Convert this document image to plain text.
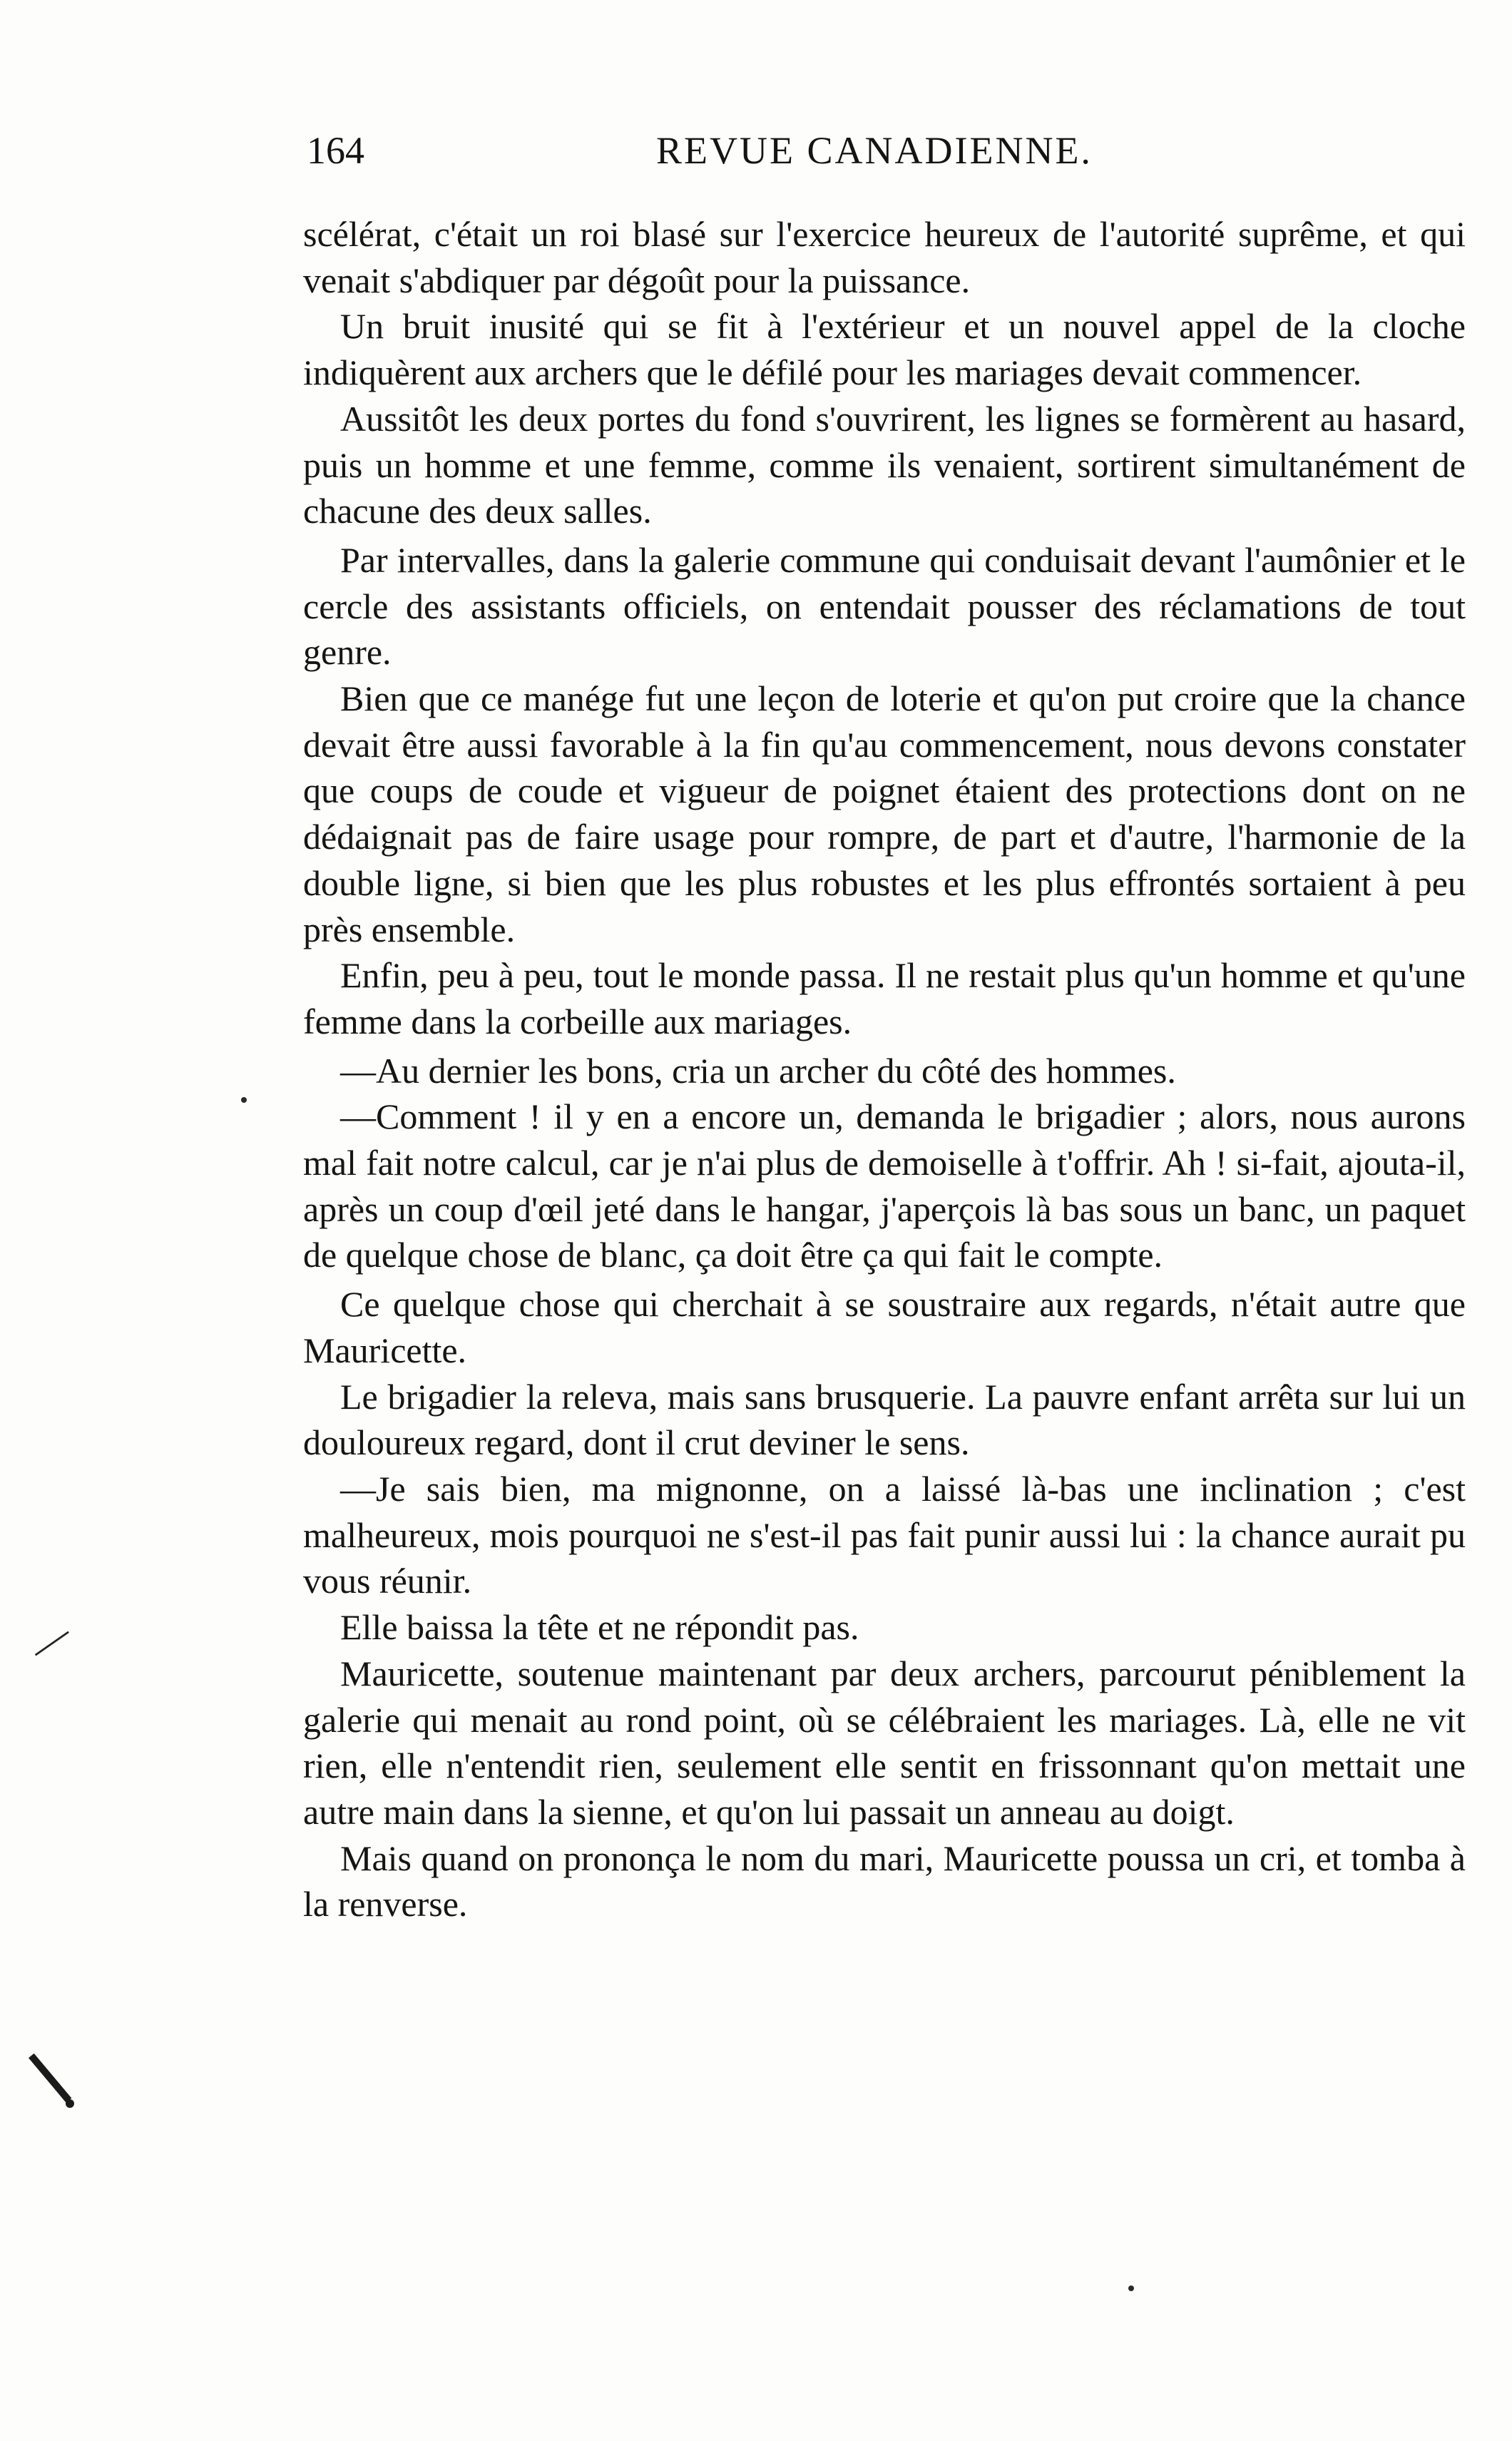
164	REVUE CANADIENNE.

scélérat, c'était un roi blasé sur l'exercice heureux de l'autorité suprême, et qui venait s'abdiquer par dégoût pour la puissance.

Un bruit inusité qui se fit à l'extérieur et un nouvel appel de la cloche indiquèrent aux archers que le défilé pour les mariages devait commencer.

Aussitôt les deux portes du fond s'ouvrirent, les lignes se formèrent au hasard, puis un homme et une femme, comme ils venaient, sortirent simultanément de chacune des deux salles.

Par intervalles, dans la galerie commune qui conduisait devant l'aumônier et le cercle des assistants officiels, on entendait pousser des réclamations de tout genre.

Bien que ce manége fut une leçon de loterie et qu'on put croire que la chance devait être aussi favorable à la fin qu'au commencement, nous devons constater que coups de coude et vigueur de poignet étaient des protections dont on ne dédaignait pas de faire usage pour rompre, de part et d'autre, l'harmonie de la double ligne, si bien que les plus robustes et les plus effrontés sortaient à peu près ensemble.

Enfin, peu à peu, tout le monde passa. Il ne restait plus qu'un homme et qu'une femme dans la corbeille aux mariages.

—Au dernier les bons, cria un archer du côté des hommes.

—Comment ! il y en a encore un, demanda le brigadier ; alors, nous aurons mal fait notre calcul, car je n'ai plus de demoiselle à t'offrir. Ah ! si-fait, ajouta-il, après un coup d'œil jeté dans le hangar, j'aperçois là bas sous un banc, un paquet de quelque chose de blanc, ça doit être ça qui fait le compte.

Ce quelque chose qui cherchait à se soustraire aux regards, n'était autre que Mauricette.

Le brigadier la releva, mais sans brusquerie. La pauvre enfant arrêta sur lui un douloureux regard, dont il crut deviner le sens.

—Je sais bien, ma mignonne, on a laissé là-bas une inclination ; c'est malheureux, mois pourquoi ne s'est-il pas fait punir aussi lui : la chance aurait pu vous réunir.

Elle baissa la tête et ne répondit pas.

Mauricette, soutenue maintenant par deux archers, parcourut péniblement la galerie qui menait au rond point, où se célébraient les mariages. Là, elle ne vit rien, elle n'entendit rien, seulement elle sentit en frissonnant qu'on mettait une autre main dans la sienne, et qu'on lui passait un anneau au doigt.

Mais quand on prononça le nom du mari, Mauricette poussa un cri, et tomba à la renverse.

—
